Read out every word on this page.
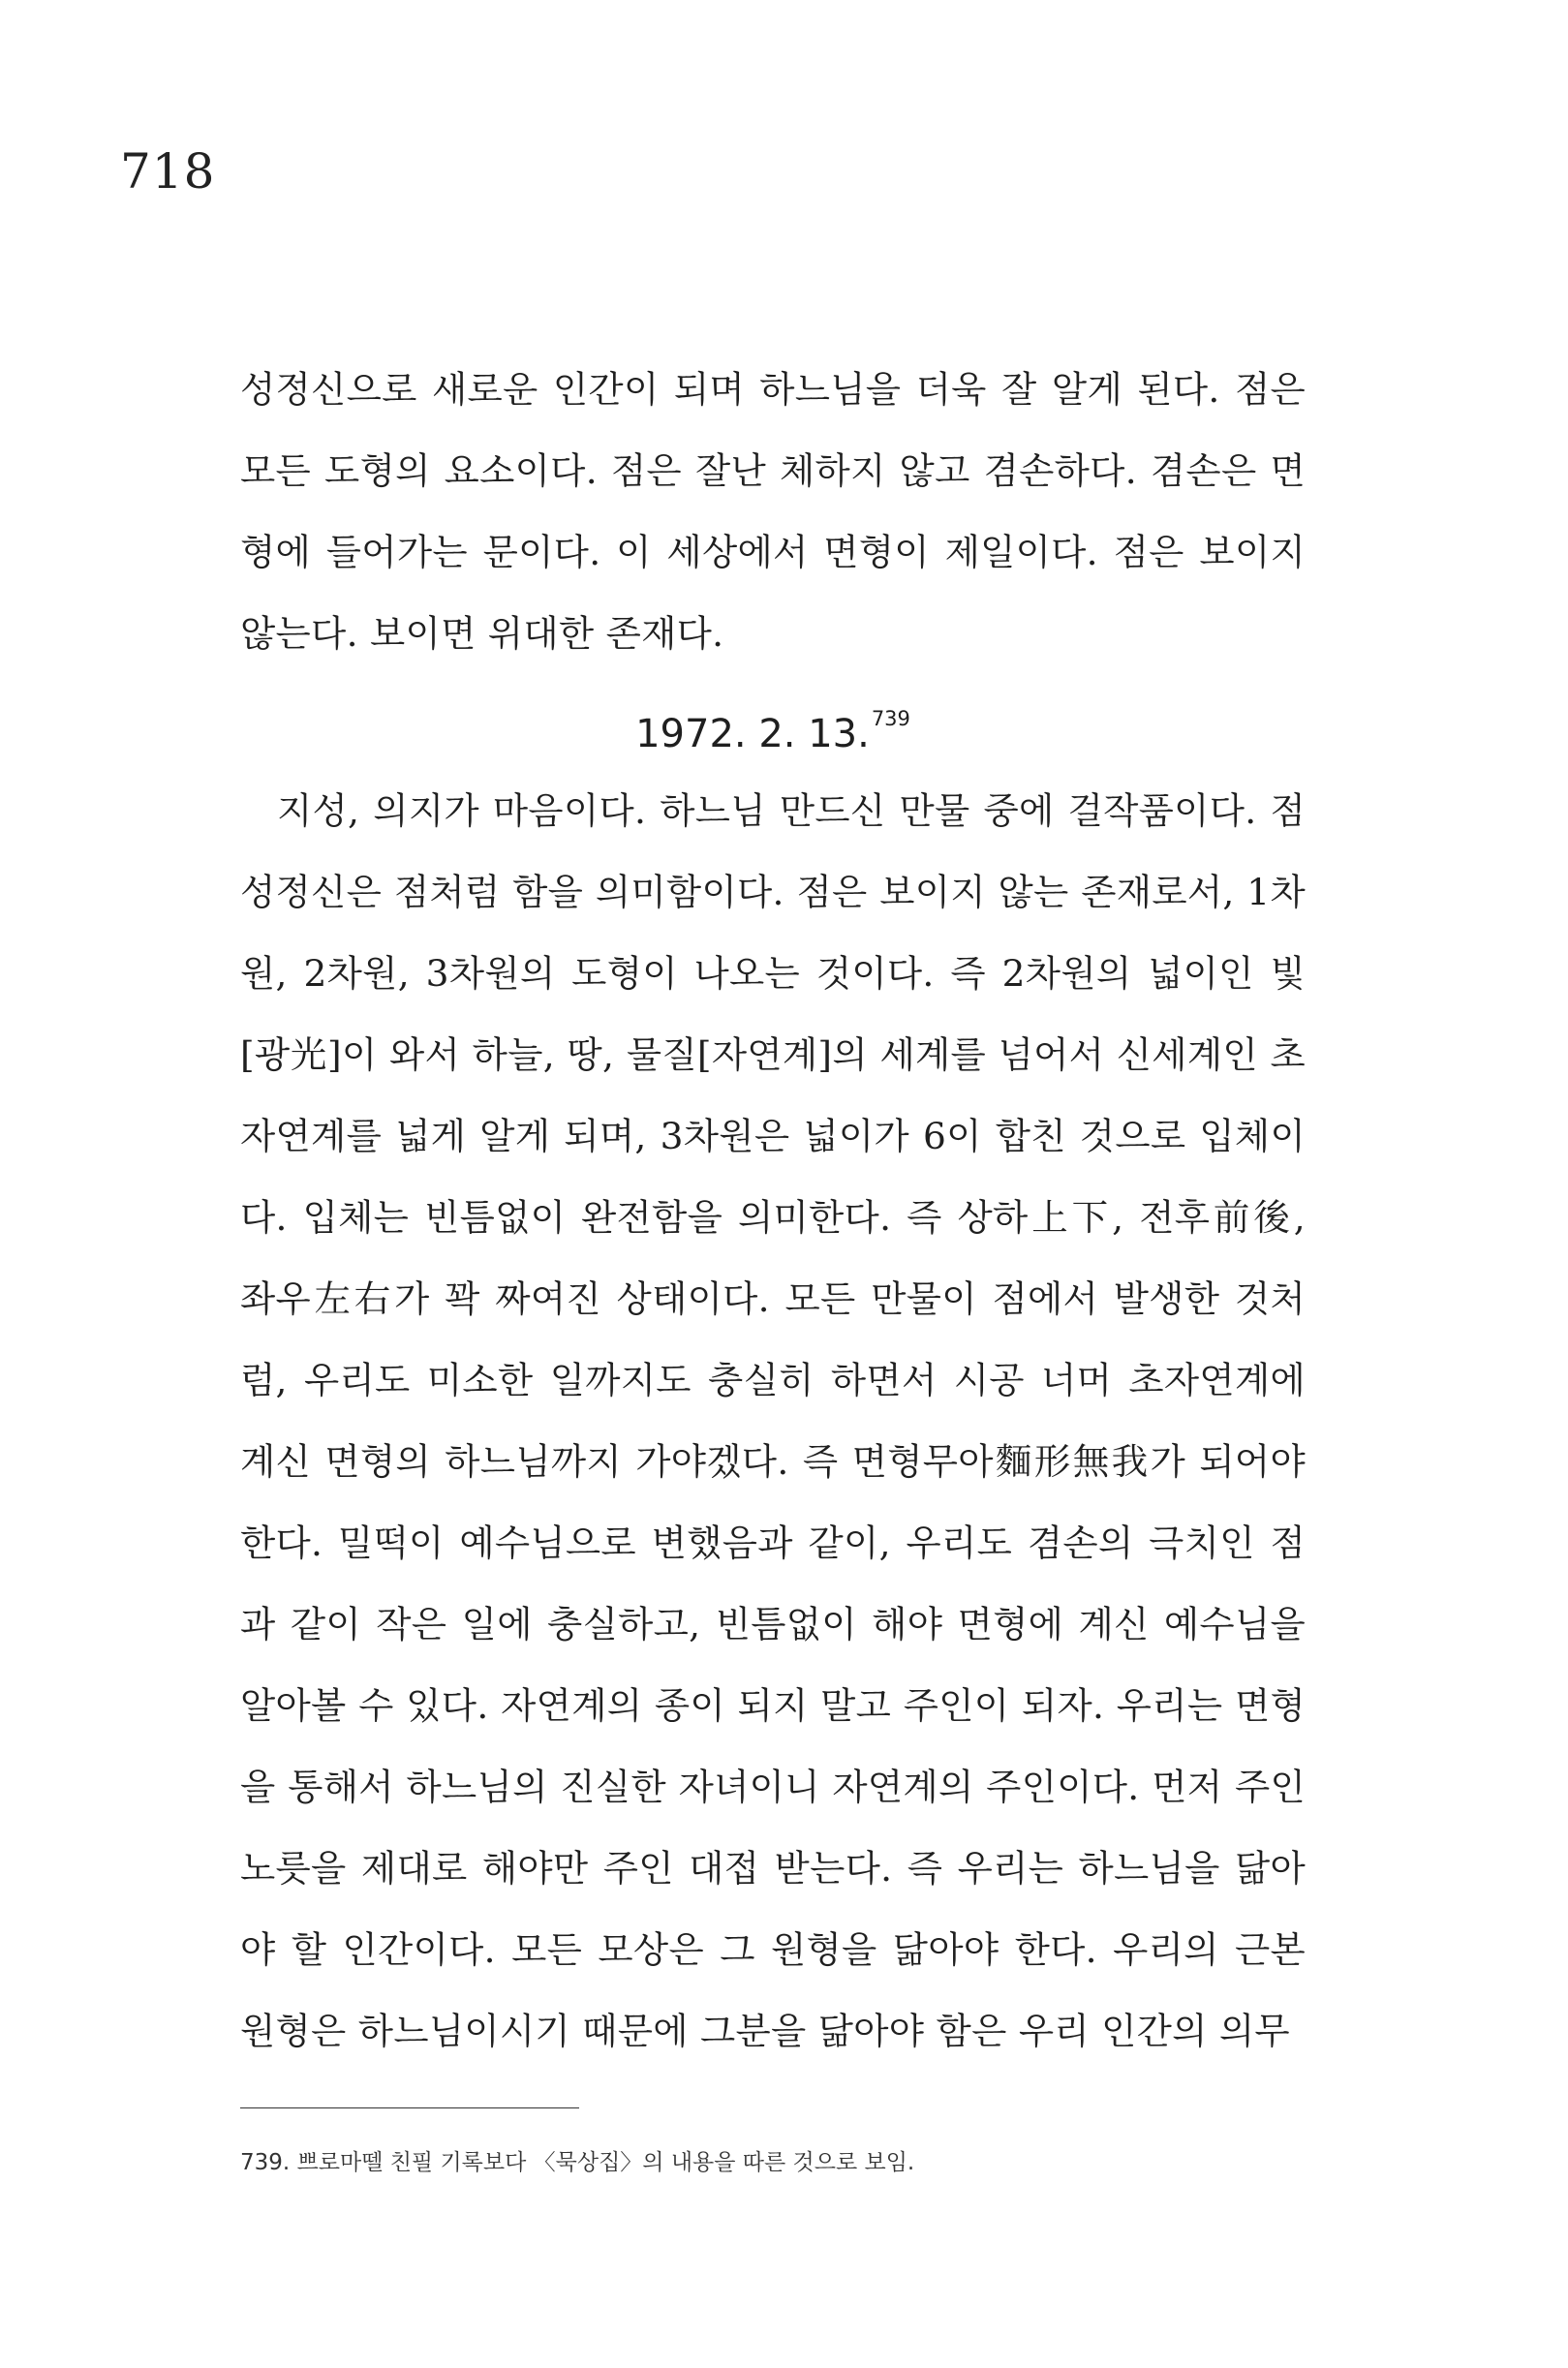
718

성정신으로 새로운 인간이 되며 하느님을 더욱 잘 알게 된다. 점은 모든 도형의 요소이다. 점은 잘난 체하지 않고 겸손하다. 겸손은 면형에 들어가는 문이다. 이 세상에서 면형이 제일이다. 점은 보이지 않는다. 보이면 위대한 존재다.

1972. 2. 13.$^{739}$

지성, 의지가 마음이다. 하느님 만드신 만물 중에 걸작품이다. 점성정신은 점처럼 함을 의미함이다. 점은 보이지 않는 존재로서, 1차원, 2차원, 3차원의 도형이 나오는 것이다. 즉 2차원의 넓이인 빛[광光]이 와서 하늘, 땅, 물질[자연계]의 세계를 넘어서 신세계인 초자연계를 넓게 알게 되며, 3차원은 넓이가 6이 합친 것으로 입체이다. 입체는 빈틈없이 완전함을 의미한다. 즉 상하上下, 전후前後, 좌우左右가 꽉 짜여진 상태이다. 모든 만물이 점에서 발생한 것처럼, 우리도 미소한 일까지도 충실히 하면서 시공 너머 초자연계에 계신 면형의 하느님까지 가야겠다. 즉 면형무아麵形無我가 되어야 한다. 밀떡이 예수님으로 변했음과 같이, 우리도 겸손의 극치인 점과 같이 작은 일에 충실하고, 빈틈없이 해야 면형에 계신 예수님을 알아볼 수 있다. 자연계의 종이 되지 말고 주인이 되자. 우리는 면형을 통해서 하느님의 진실한 자녀이니 자연계의 주인이다. 먼저 주인 노릇을 제대로 해야만 주인 대접 받는다. 즉 우리는 하느님을 닮아야 할 인간이다. 모든 모상은 그 원형을 닮아야 한다. 우리의 근본 원형은 하느님이시기 때문에 그분을 닮아야 함은 우리 인간의 의무

739. 쁘로마뗄 친필 기록보다 〈묵상집〉의 내용을 따른 것으로 보임.
